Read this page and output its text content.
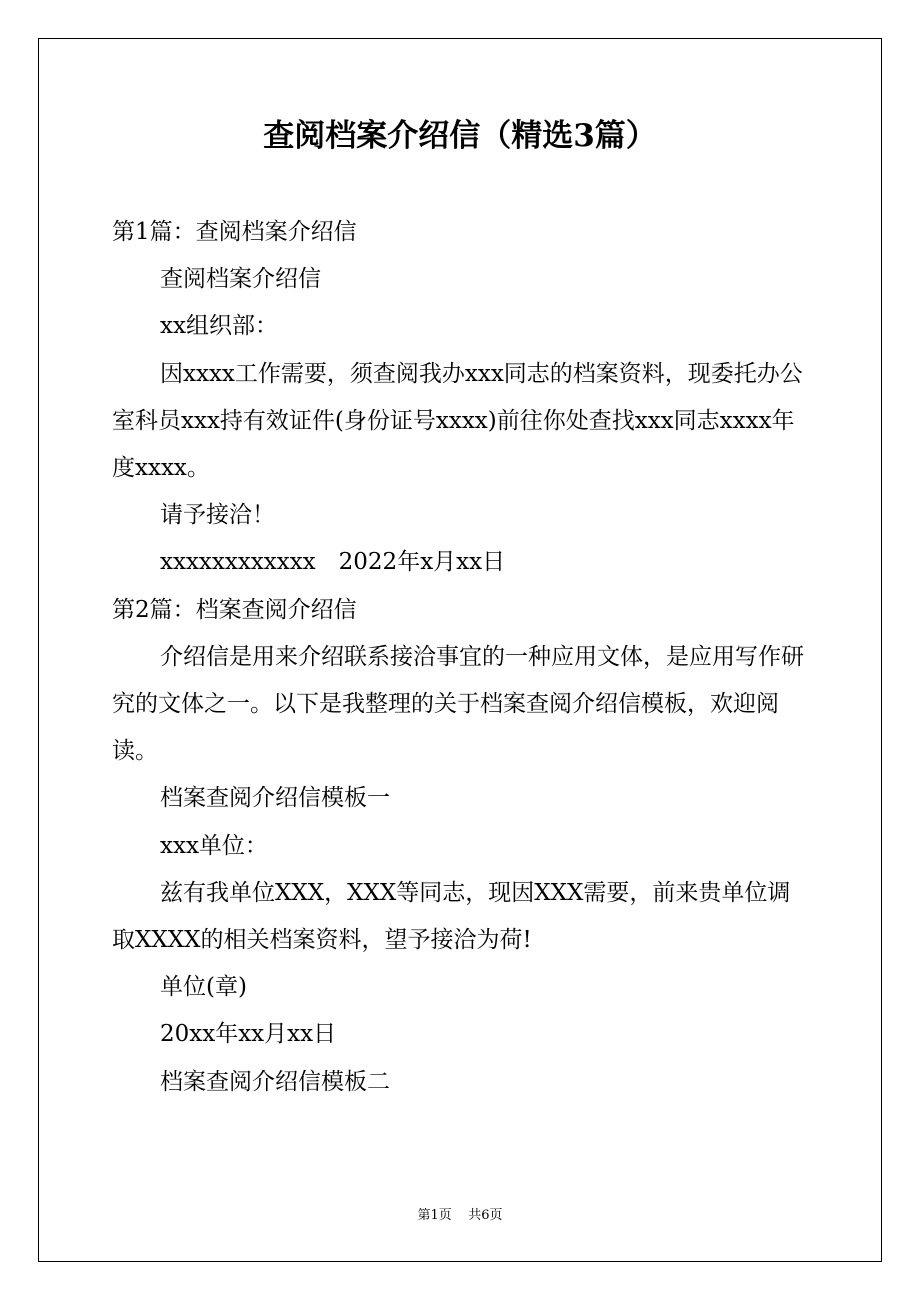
查阅档案介绍信（精选3篇）

第1篇：查阅档案介绍信

查阅档案介绍信

xx组织部：

因xxxx工作需要，须查阅我办xxx同志的档案资料，现委托办公室科员xxx持有效证件(身份证号xxxx)前往你处查找xxx同志xxxx年度xxxx。

请予接洽！

xxxxxxxxxxxx　2022年x月xx日

第2篇：档案查阅介绍信

介绍信是用来介绍联系接洽事宜的一种应用文体，是应用写作研究的文体之一。以下是我整理的关于档案查阅介绍信模板，欢迎阅读。

档案查阅介绍信模板一

xxx单位：

兹有我单位XXX，XXX等同志，现因XXX需要，前来贵单位调取XXXX的相关档案资料，望予接洽为荷!

单位(章)

20xx年xx月xx日

档案查阅介绍信模板二

第1页 共6页
